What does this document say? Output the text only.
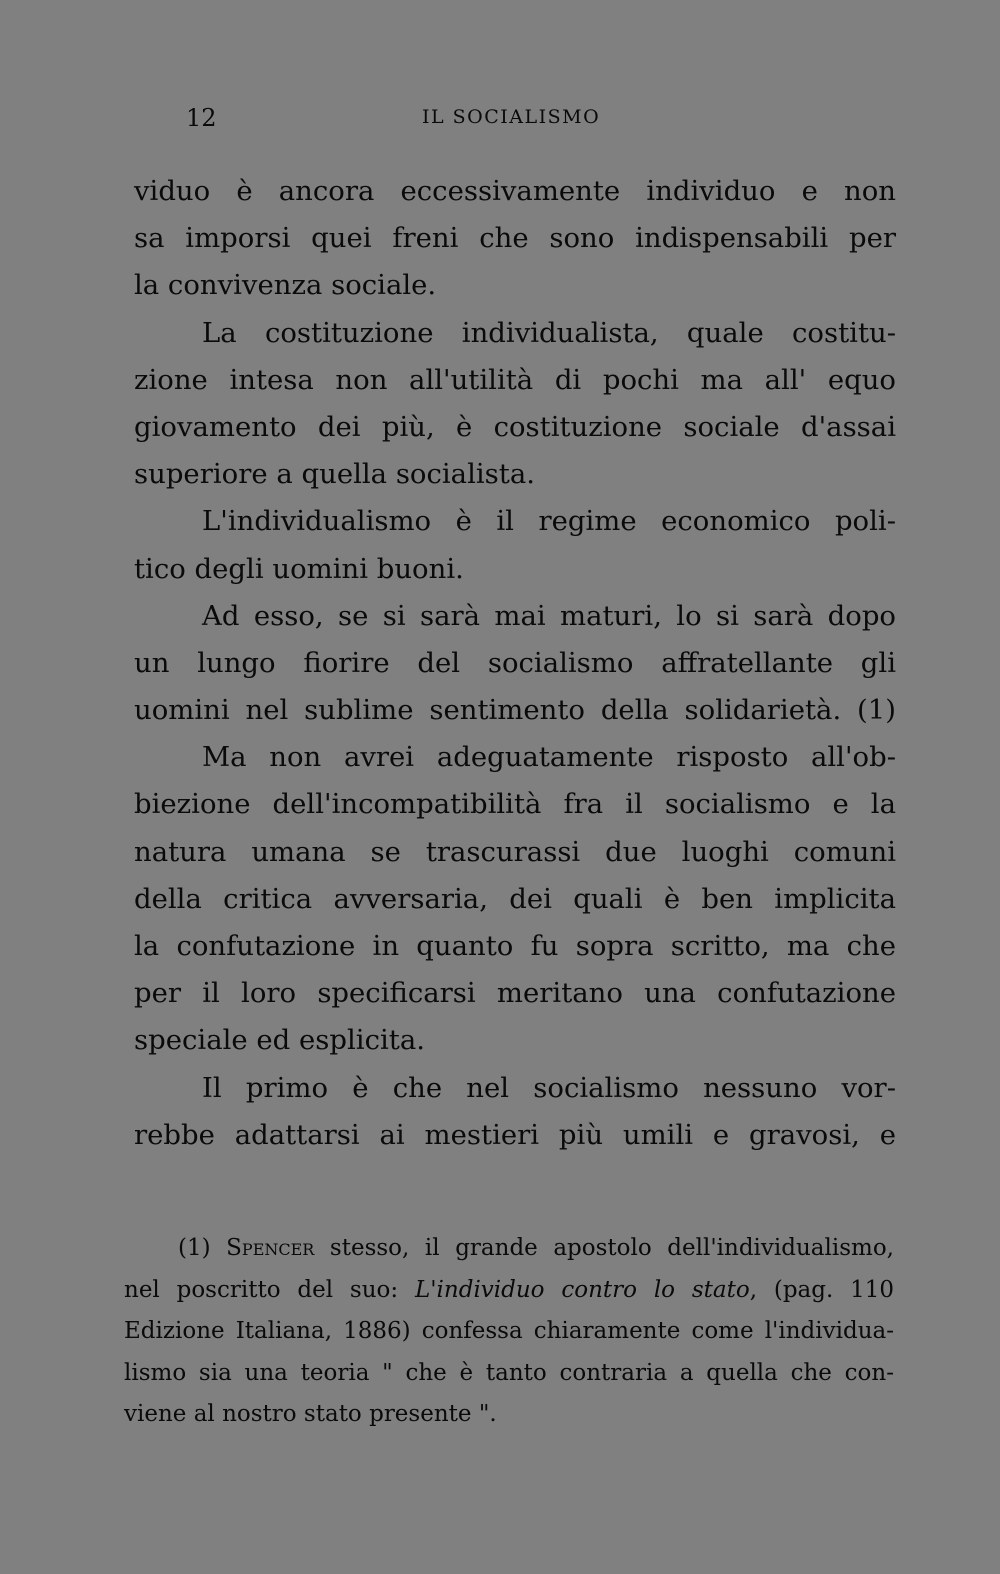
12	IL SOCIALISMO
viduo è ancora eccessivamente individuo e non
sa imporsi quei freni che sono indispensabili per
la convivenza sociale.
La costituzione individualista, quale costitu-
zione intesa non all'utilità di pochi ma all' equo
giovamento dei più, è costituzione sociale d'assai
superiore a quella socialista.
L'individualismo è il regime economico poli-
tico degli uomini buoni.
Ad esso, se si sarà mai maturi, lo si sarà dopo
un lungo fiorire del socialismo affratellante gli
uomini nel sublime sentimento della solidarietà. (1)
Ma non avrei adeguatamente risposto all'ob-
biezione dell'incompatibilità fra il socialismo e la
natura umana se trascurassi due luoghi comuni
della critica avversaria, dei quali è ben implicita
la confutazione in quanto fu sopra scritto, ma che
per il loro specificarsi meritano una confutazione
speciale ed esplicita.
Il primo è che nel socialismo nessuno vor-
rebbe adattarsi ai mestieri più umili e gravosi, e
(1) Spencer stesso, il grande apostolo dell'individualismo,
nel poscritto del suo: L'individuo contro lo stato, (pag. 110
Edizione Italiana, 1886) confessa chiaramente come l'individua-
lismo sia una teoria " che è tanto contraria a quella che con-
viene al nostro stato presente ".
